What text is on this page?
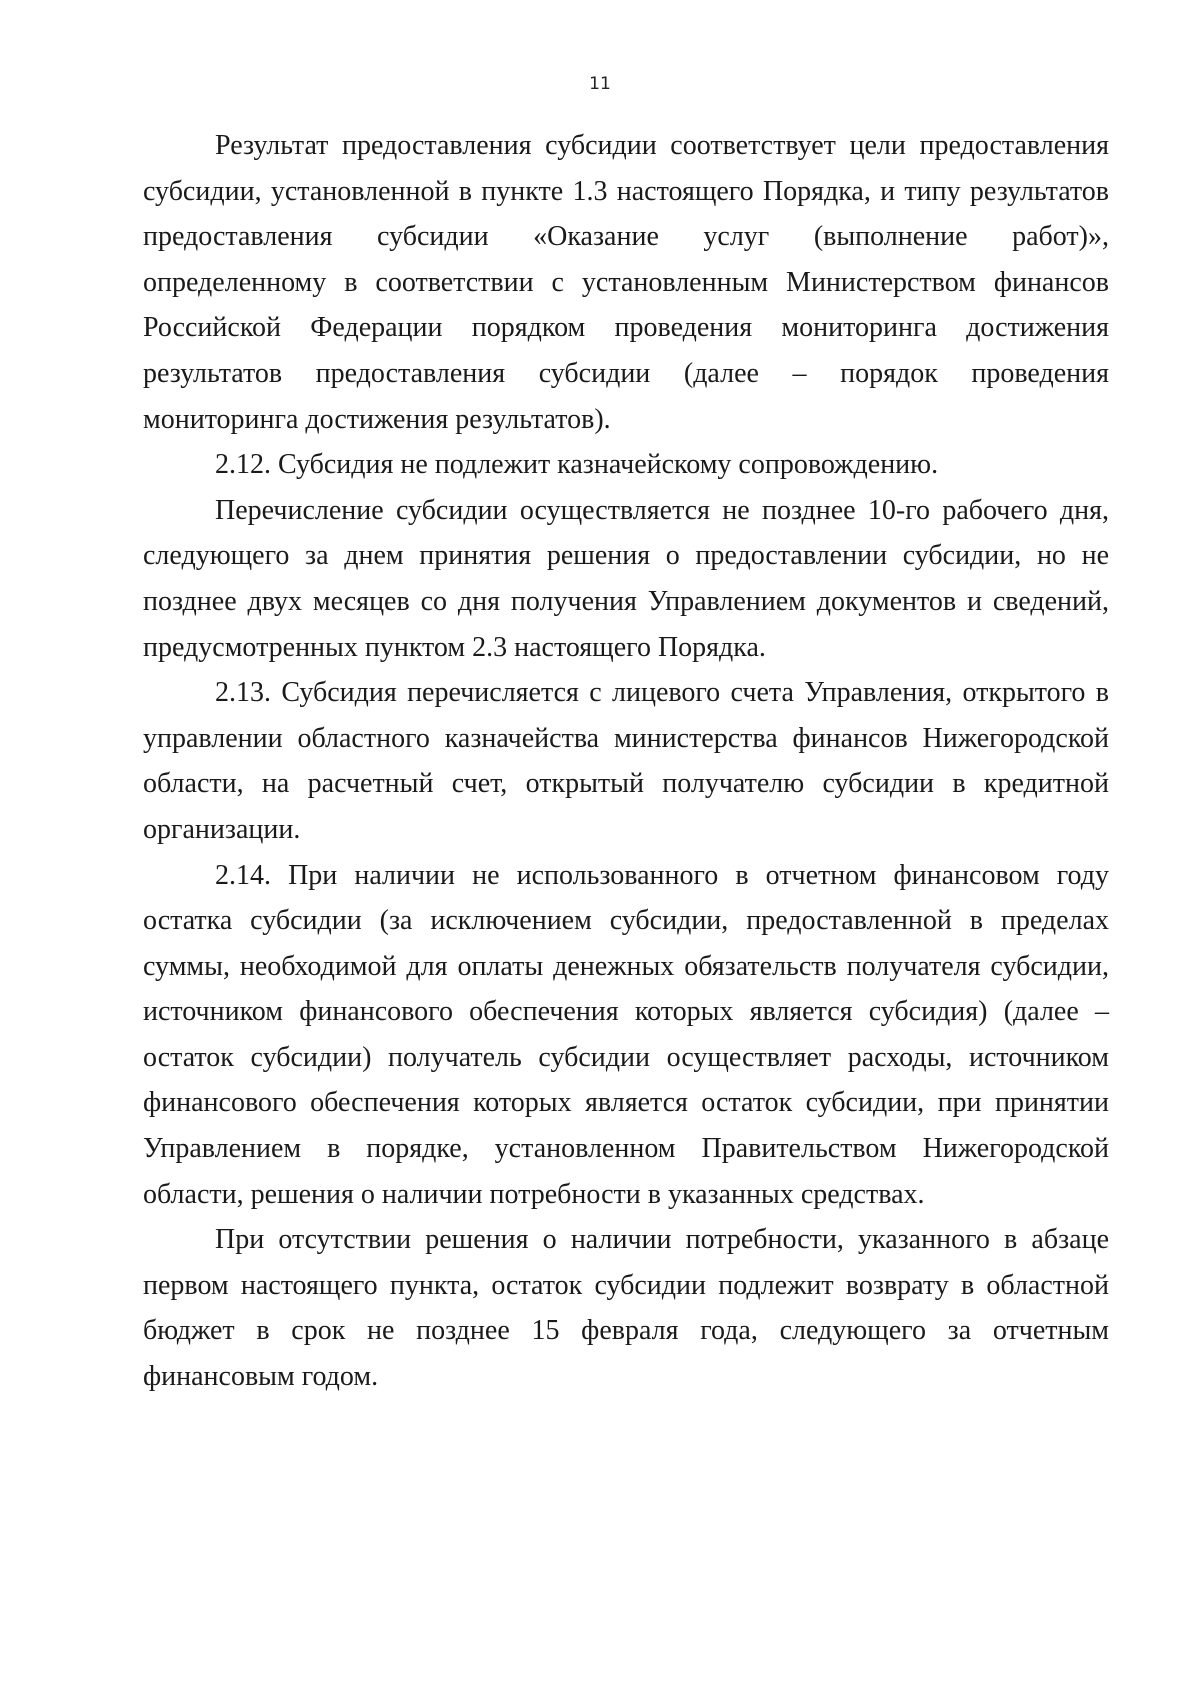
11

Результат предоставления субсидии соответствует цели предоставления субсидии, установленной в пункте 1.3 настоящего Порядка, и типу результатов предоставления субсидии «Оказание услуг (выполнение работ)», определенному в соответствии с установленным Министерством финансов Российской Федерации порядком проведения мониторинга достижения результатов предоставления субсидии (далее – порядок проведения мониторинга достижения результатов).

2.12. Субсидия не подлежит казначейскому сопровождению.

Перечисление субсидии осуществляется не позднее 10-го рабочего дня, следующего за днем принятия решения о предоставлении субсидии, но не позднее двух месяцев со дня получения Управлением документов и сведений, предусмотренных пунктом 2.3 настоящего Порядка.

2.13. Субсидия перечисляется с лицевого счета Управления, открытого в управлении областного казначейства министерства финансов Нижегородской области, на расчетный счет, открытый получателю субсидии в кредитной организации.

2.14. При наличии не использованного в отчетном финансовом году остатка субсидии (за исключением субсидии, предоставленной в пределах суммы, необходимой для оплаты денежных обязательств получателя субсидии, источником финансового обеспечения которых является субсидия) (далее – остаток субсидии) получатель субсидии осуществляет расходы, источником финансового обеспечения которых является остаток субсидии, при принятии Управлением в порядке, установленном Правительством Нижегородской области, решения о наличии потребности в указанных средствах.

При отсутствии решения о наличии потребности, указанного в абзаце первом настоящего пункта, остаток субсидии подлежит возврату в областной бюджет в срок не позднее 15 февраля года, следующего за отчетным финансовым годом.
